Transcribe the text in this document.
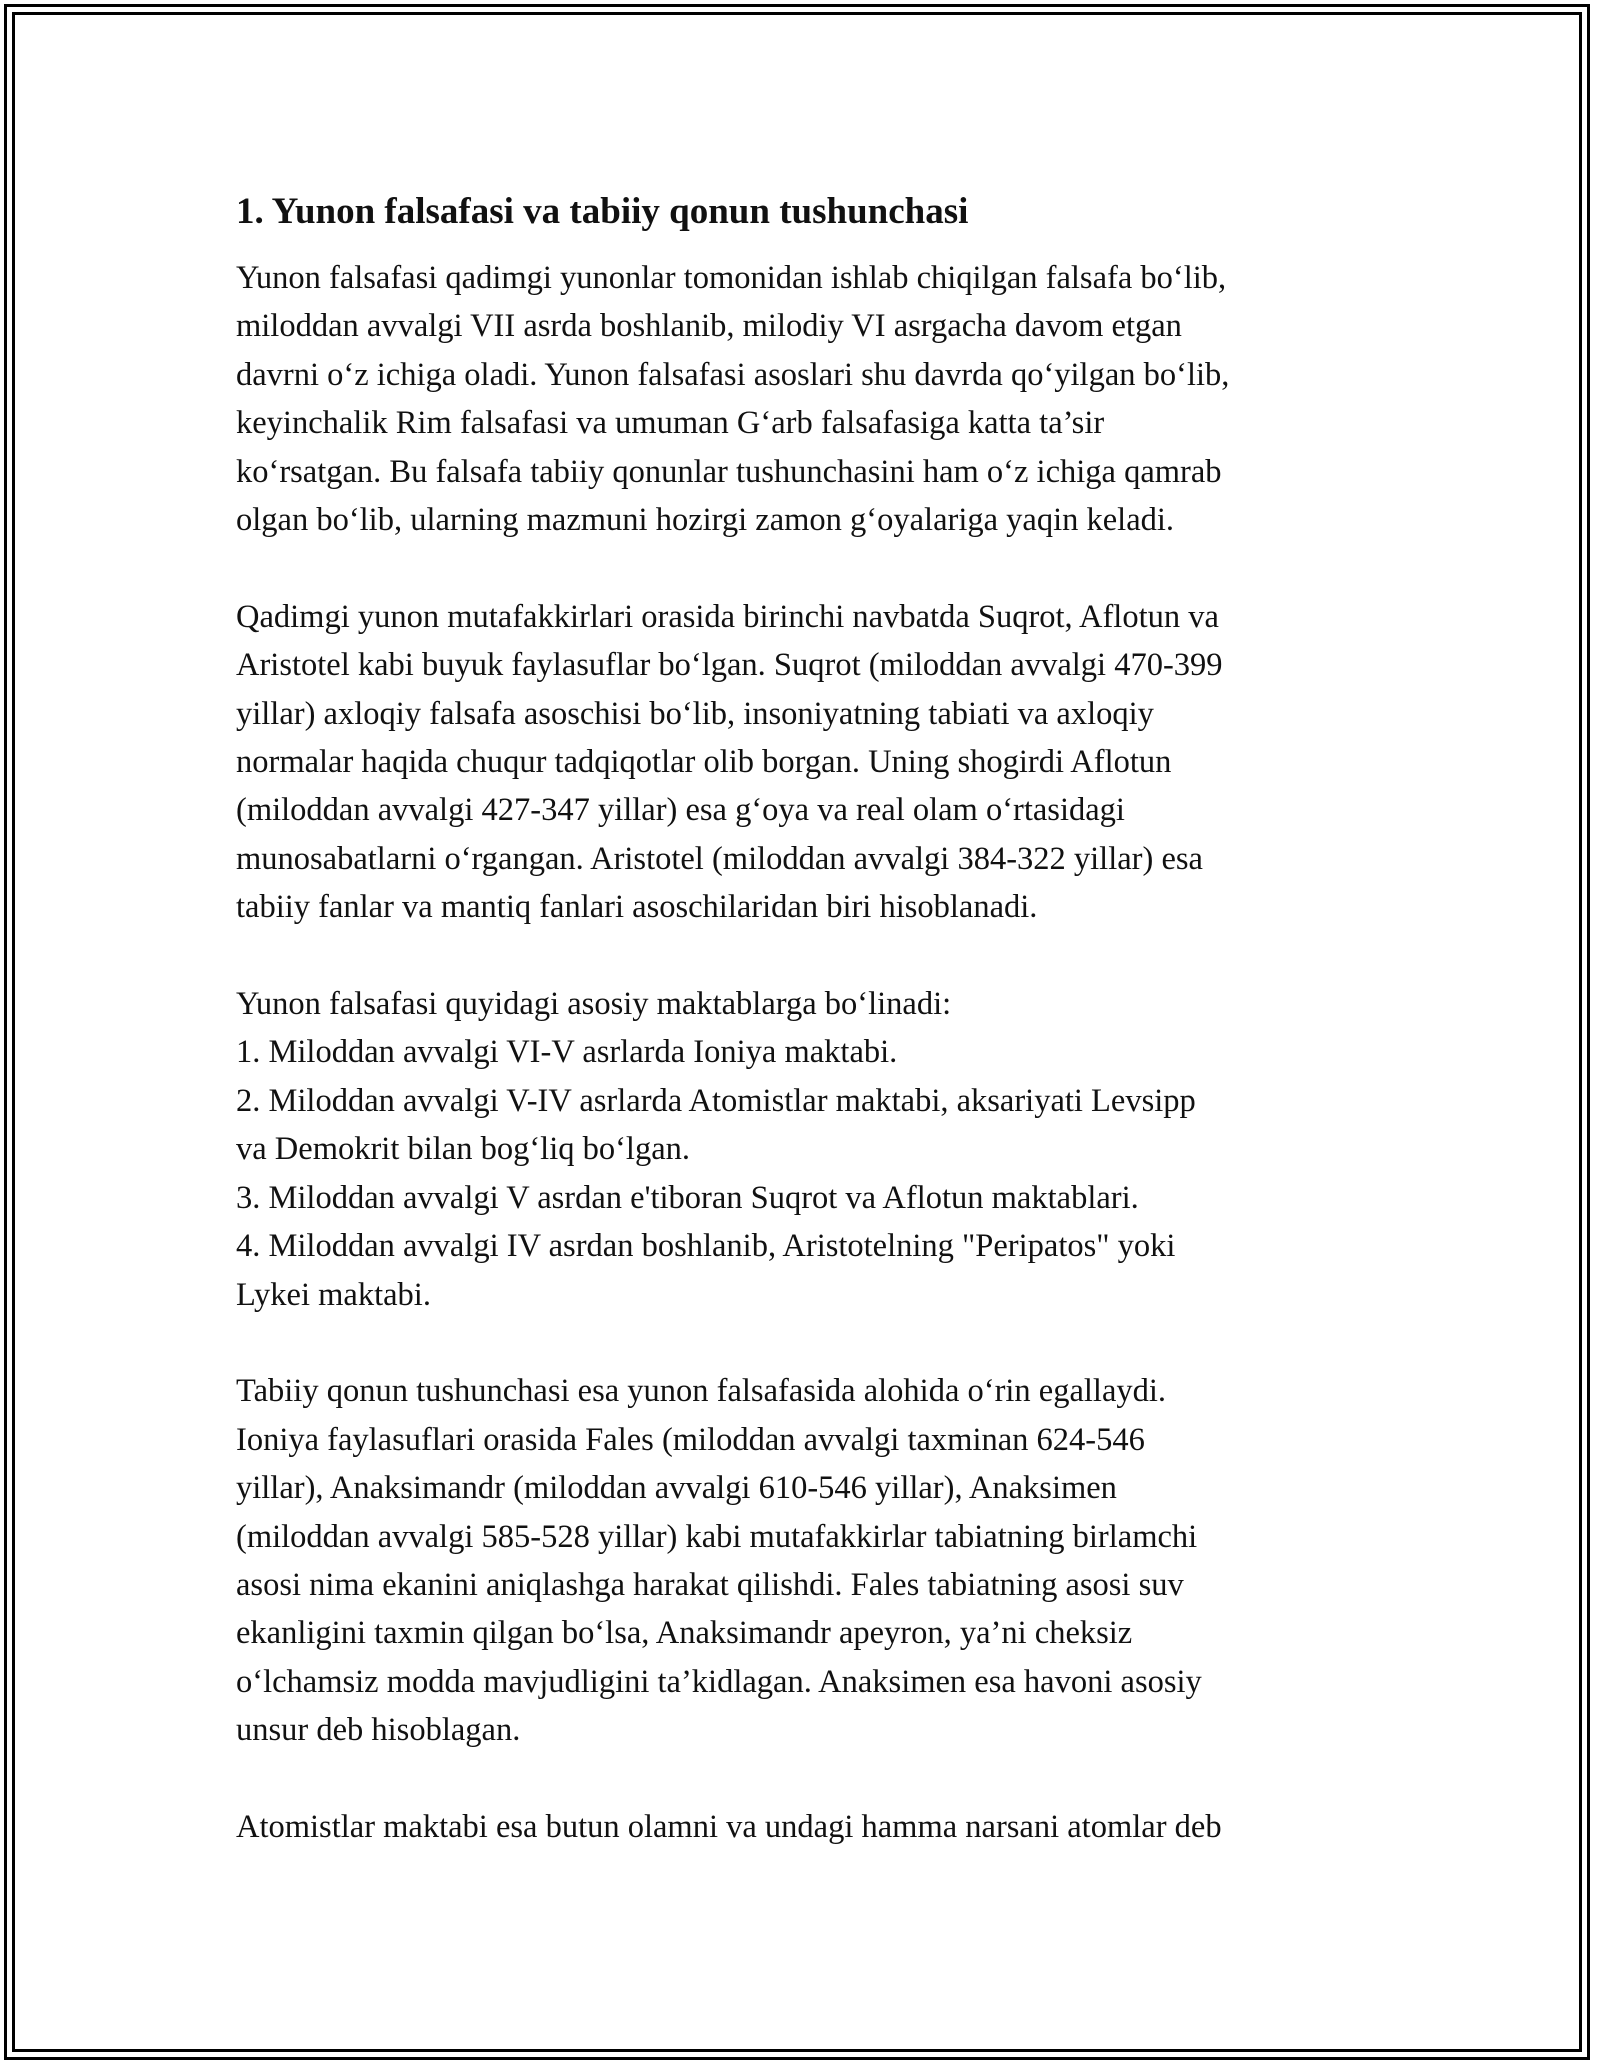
1. Yunon falsafasi va tabiiy qonun tushunchasi
Yunon falsafasi qadimgi yunonlar tomonidan ishlab chiqilgan falsafa bo‘lib,
miloddan avvalgi VII asrda boshlanib, milodiy VI asrgacha davom etgan
davrni o‘z ichiga oladi. Yunon falsafasi asoslari shu davrda qo‘yilgan bo‘lib,
keyinchalik Rim falsafasi va umuman G‘arb falsafasiga katta ta’sir
ko‘rsatgan. Bu falsafa tabiiy qonunlar tushunchasini ham o‘z ichiga qamrab
olgan bo‘lib, ularning mazmuni hozirgi zamon g‘oyalariga yaqin keladi.
Qadimgi yunon mutafakkirlari orasida birinchi navbatda Suqrot, Aflotun va
Aristotel kabi buyuk faylasuflar bo‘lgan. Suqrot (miloddan avvalgi 470-399
yillar) axloqiy falsafa asoschisi bo‘lib, insoniyatning tabiati va axloqiy
normalar haqida chuqur tadqiqotlar olib borgan. Uning shogirdi Aflotun
(miloddan avvalgi 427-347 yillar) esa g‘oya va real olam o‘rtasidagi
munosabatlarni o‘rgangan. Aristotel (miloddan avvalgi 384-322 yillar) esa
tabiiy fanlar va mantiq fanlari asoschilaridan biri hisoblanadi.
Yunon falsafasi quyidagi asosiy maktablarga bo‘linadi:
1. Miloddan avvalgi VI-V asrlarda Ioniya maktabi.
2. Miloddan avvalgi V-IV asrlarda Atomistlar maktabi, aksariyati Levsipp
va Demokrit bilan bog‘liq bo‘lgan.
3. Miloddan avvalgi V asrdan e'tiboran Suqrot va Aflotun maktablari.
4. Miloddan avvalgi IV asrdan boshlanib, Aristotelning "Peripatos" yoki
Lykei maktabi.
Tabiiy qonun tushunchasi esa yunon falsafasida alohida o‘rin egallaydi.
Ioniya faylasuflari orasida Fales (miloddan avvalgi taxminan 624-546
yillar), Anaksimandr (miloddan avvalgi 610-546 yillar), Anaksimen
(miloddan avvalgi 585-528 yillar) kabi mutafakkirlar tabiatning birlamchi
asosi nima ekanini aniqlashga harakat qilishdi. Fales tabiatning asosi suv
ekanligini taxmin qilgan bo‘lsa, Anaksimandr apeyron, ya’ni cheksiz
o‘lchamsiz modda mavjudligini ta’kidlagan. Anaksimen esa havoni asosiy
unsur deb hisoblagan.
Atomistlar maktabi esa butun olamni va undagi hamma narsani atomlar deb
